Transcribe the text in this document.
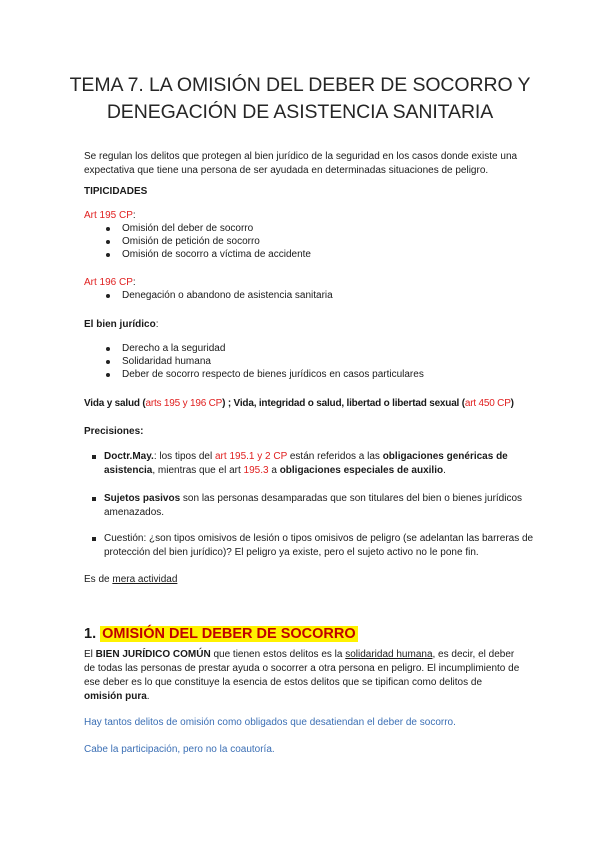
TEMA 7. LA OMISIÓN DEL DEBER DE SOCORRO Y
DENEGACIÓN DE ASISTENCIA SANITARIA
Se regulan los delitos que protegen al bien jurídico de la seguridad en los casos donde existe una expectativa que tiene una persona de ser ayudada en determinadas situaciones de peligro.
TIPICIDADES
Art 195 CP:
Omisión del deber de socorro
Omisión de petición de socorro
Omisión de socorro a víctima de accidente
Art 196 CP:
Denegación o abandono de asistencia sanitaria
El bien jurídico:
Derecho a la seguridad
Solidaridad humana
Deber de socorro respecto de bienes jurídicos en casos particulares
Vida y salud (arts 195 y 196 CP) ; Vida, integridad o salud, libertad o libertad sexual (art 450 CP)
Precisiones:
Doctr.May.: los tipos del art 195.1 y 2 CP están referidos a las obligaciones genéricas de asistencia, mientras que el art 195.3 a obligaciones especiales de auxilio.
Sujetos pasivos son las personas desamparadas que son titulares del bien o bienes jurídicos amenazados.
Cuestión: ¿son tipos omisivos de lesión o tipos omisivos de peligro (se adelantan las barreras de protección del bien jurídico)? El peligro ya existe, pero el sujeto activo no le pone fin.
Es de mera actividad
1. OMISIÓN DEL DEBER DE SOCORRO
El BIEN JURÍDICO COMÚN que tienen estos delitos es la solidaridad humana, es decir, el deber de todas las personas de prestar ayuda o socorrer a otra persona en peligro. El incumplimiento de ese deber es lo que constituye la esencia de estos delitos que se tipifican como delitos de omisión pura.
Hay tantos delitos de omisión como obligados que desatiendan el deber de socorro.
Cabe la participación, pero no la coautoría.
